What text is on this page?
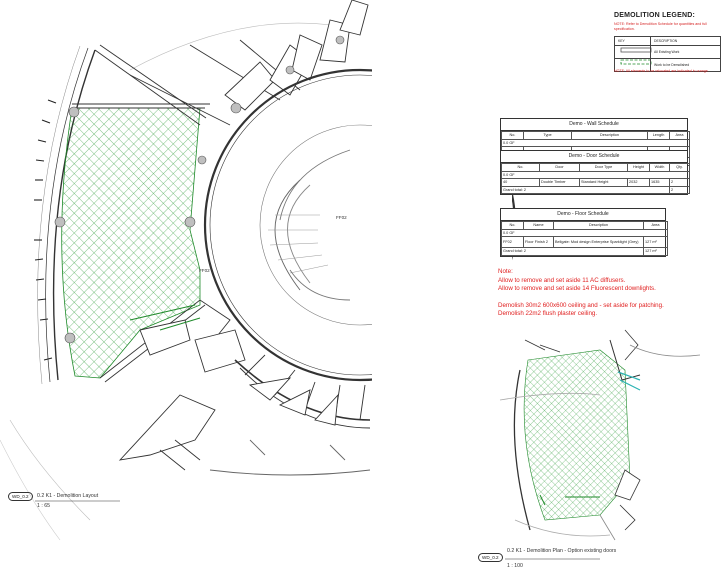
FF02
FF02
DEMOLITION LEGEND:
NOTE: Refer to Demolition Schedule for quantities and full specification.
KEY	DESCRIPTION
All Existing Work
Work to be Demolished
NOTE: All elements to be relocated are indicated in orange.
Demo - Wall Schedule
No.	Type	Description	Length	Area
0.0 GF				

Demo - Door Schedule
No.	Door	Door Type	Height	Width	Qty.
0.0 GF					
40	Double Timber	Standard Height	2032	1635	2
Grand total: 2					2
Demo - Floor Schedule
No.	Name	Description	Area
0.0 GF			
FF02	Floor Finish 2	Bellgate: Mod design Enterprise Sparklight (Grey)	127 m²
Grand total: 2			127 m²
Note:
Allow to remove and set aside 11 AC diffusers.
Allow to remove and set aside 14 Fluorescent downlights.
Demolish 30m2 600x600 ceiling and - set aside for patching.
Demolish 22m2 flush plaster ceiling.
WD_0.2	0.2 K1 - Demolition Layout
1 : 65
WD_0.2
0.2 K1 - Demolition Plan - Option existing doors
1 : 100
